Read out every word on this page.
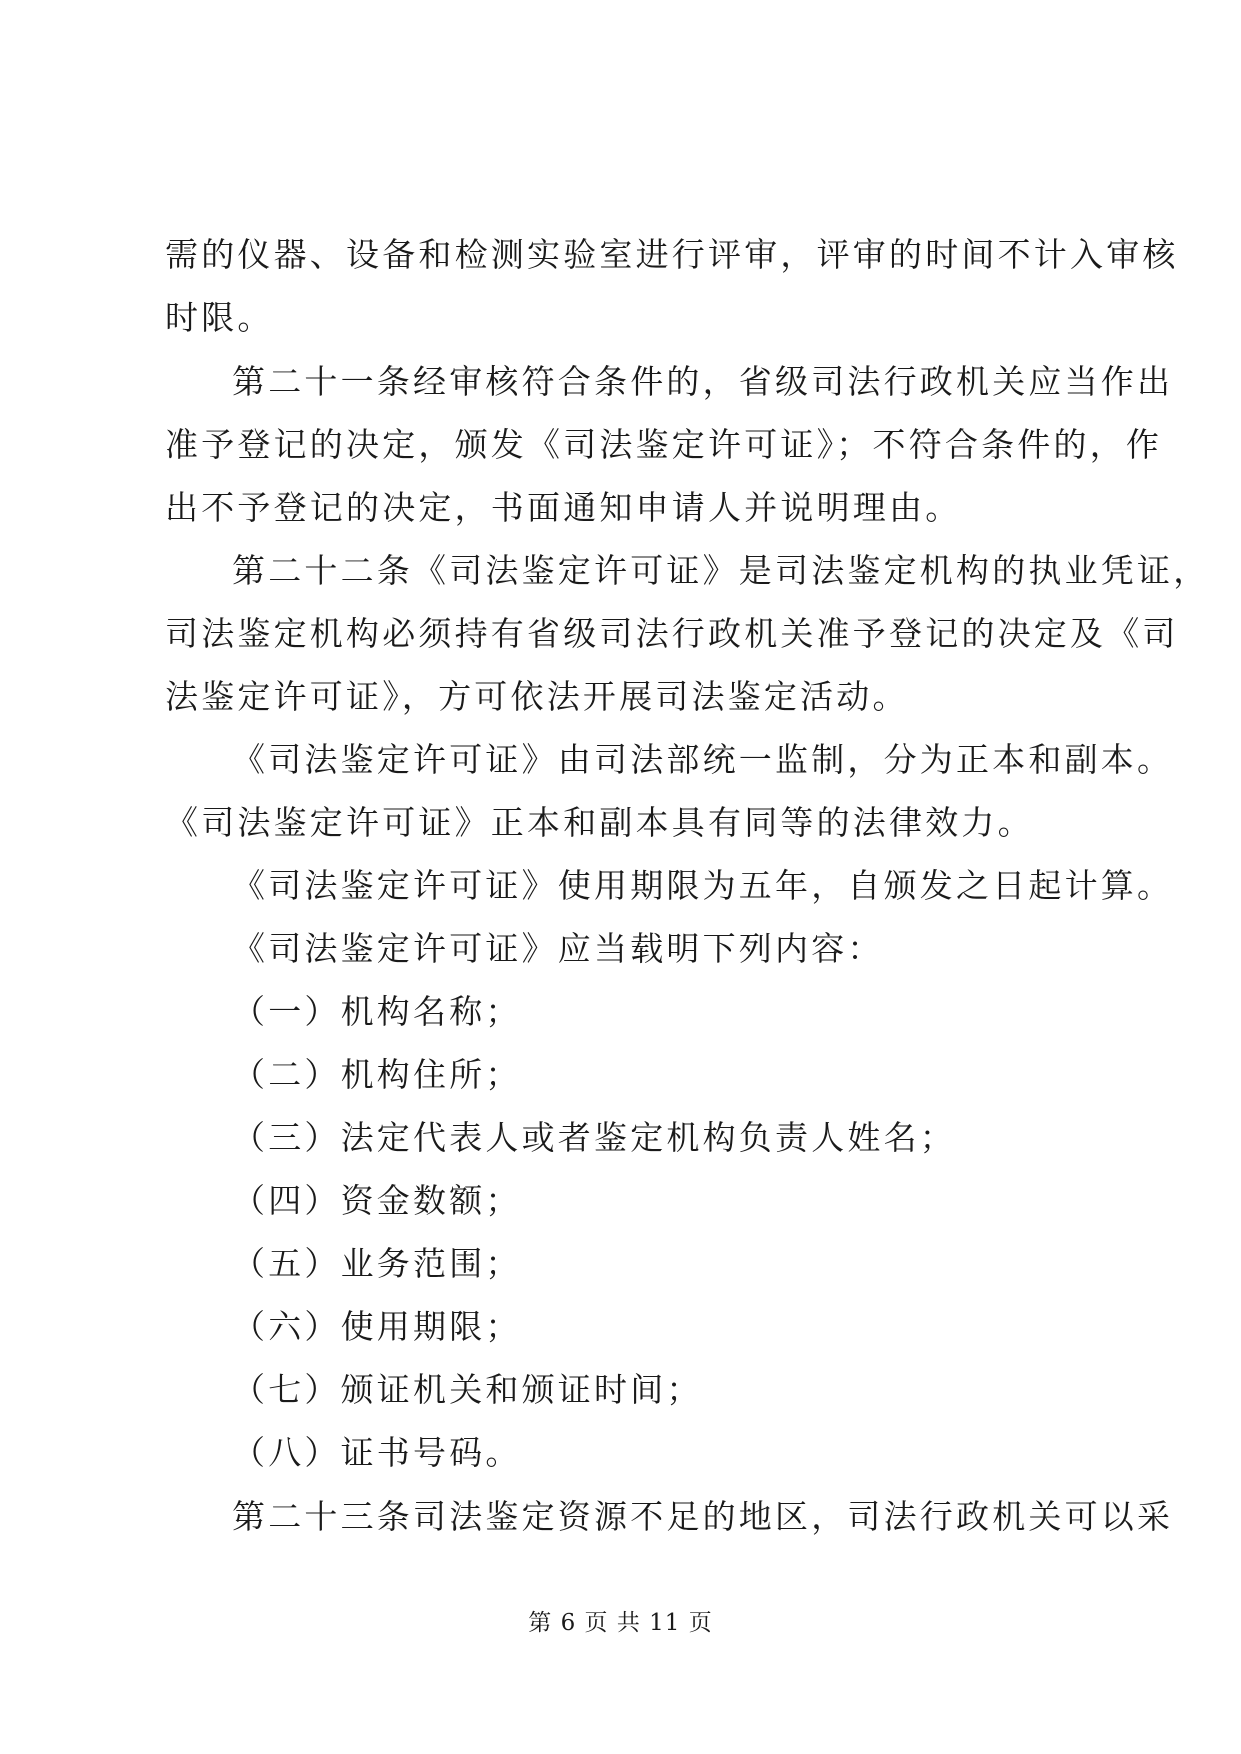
需的仪器、设备和检测实验室进行评审，评审的时间不计入审核
时限。
第二十一条经审核符合条件的，省级司法行政机关应当作出
准予登记的决定，颁发《司法鉴定许可证》；不符合条件的，作
出不予登记的决定，书面通知申请人并说明理由。
第二十二条《司法鉴定许可证》是司法鉴定机构的执业凭证，
司法鉴定机构必须持有省级司法行政机关准予登记的决定及《司
法鉴定许可证》，方可依法开展司法鉴定活动。
《司法鉴定许可证》由司法部统一监制，分为正本和副本。
《司法鉴定许可证》正本和副本具有同等的法律效力。
《司法鉴定许可证》使用期限为五年，自颁发之日起计算。
《司法鉴定许可证》应当载明下列内容：
（一）机构名称；
（二）机构住所；
（三）法定代表人或者鉴定机构负责人姓名；
（四）资金数额；
（五）业务范围；
（六）使用期限；
（七）颁证机关和颁证时间；
（八）证书号码。
第二十三条司法鉴定资源不足的地区，司法行政机关可以采
第 6 页 共 11 页
